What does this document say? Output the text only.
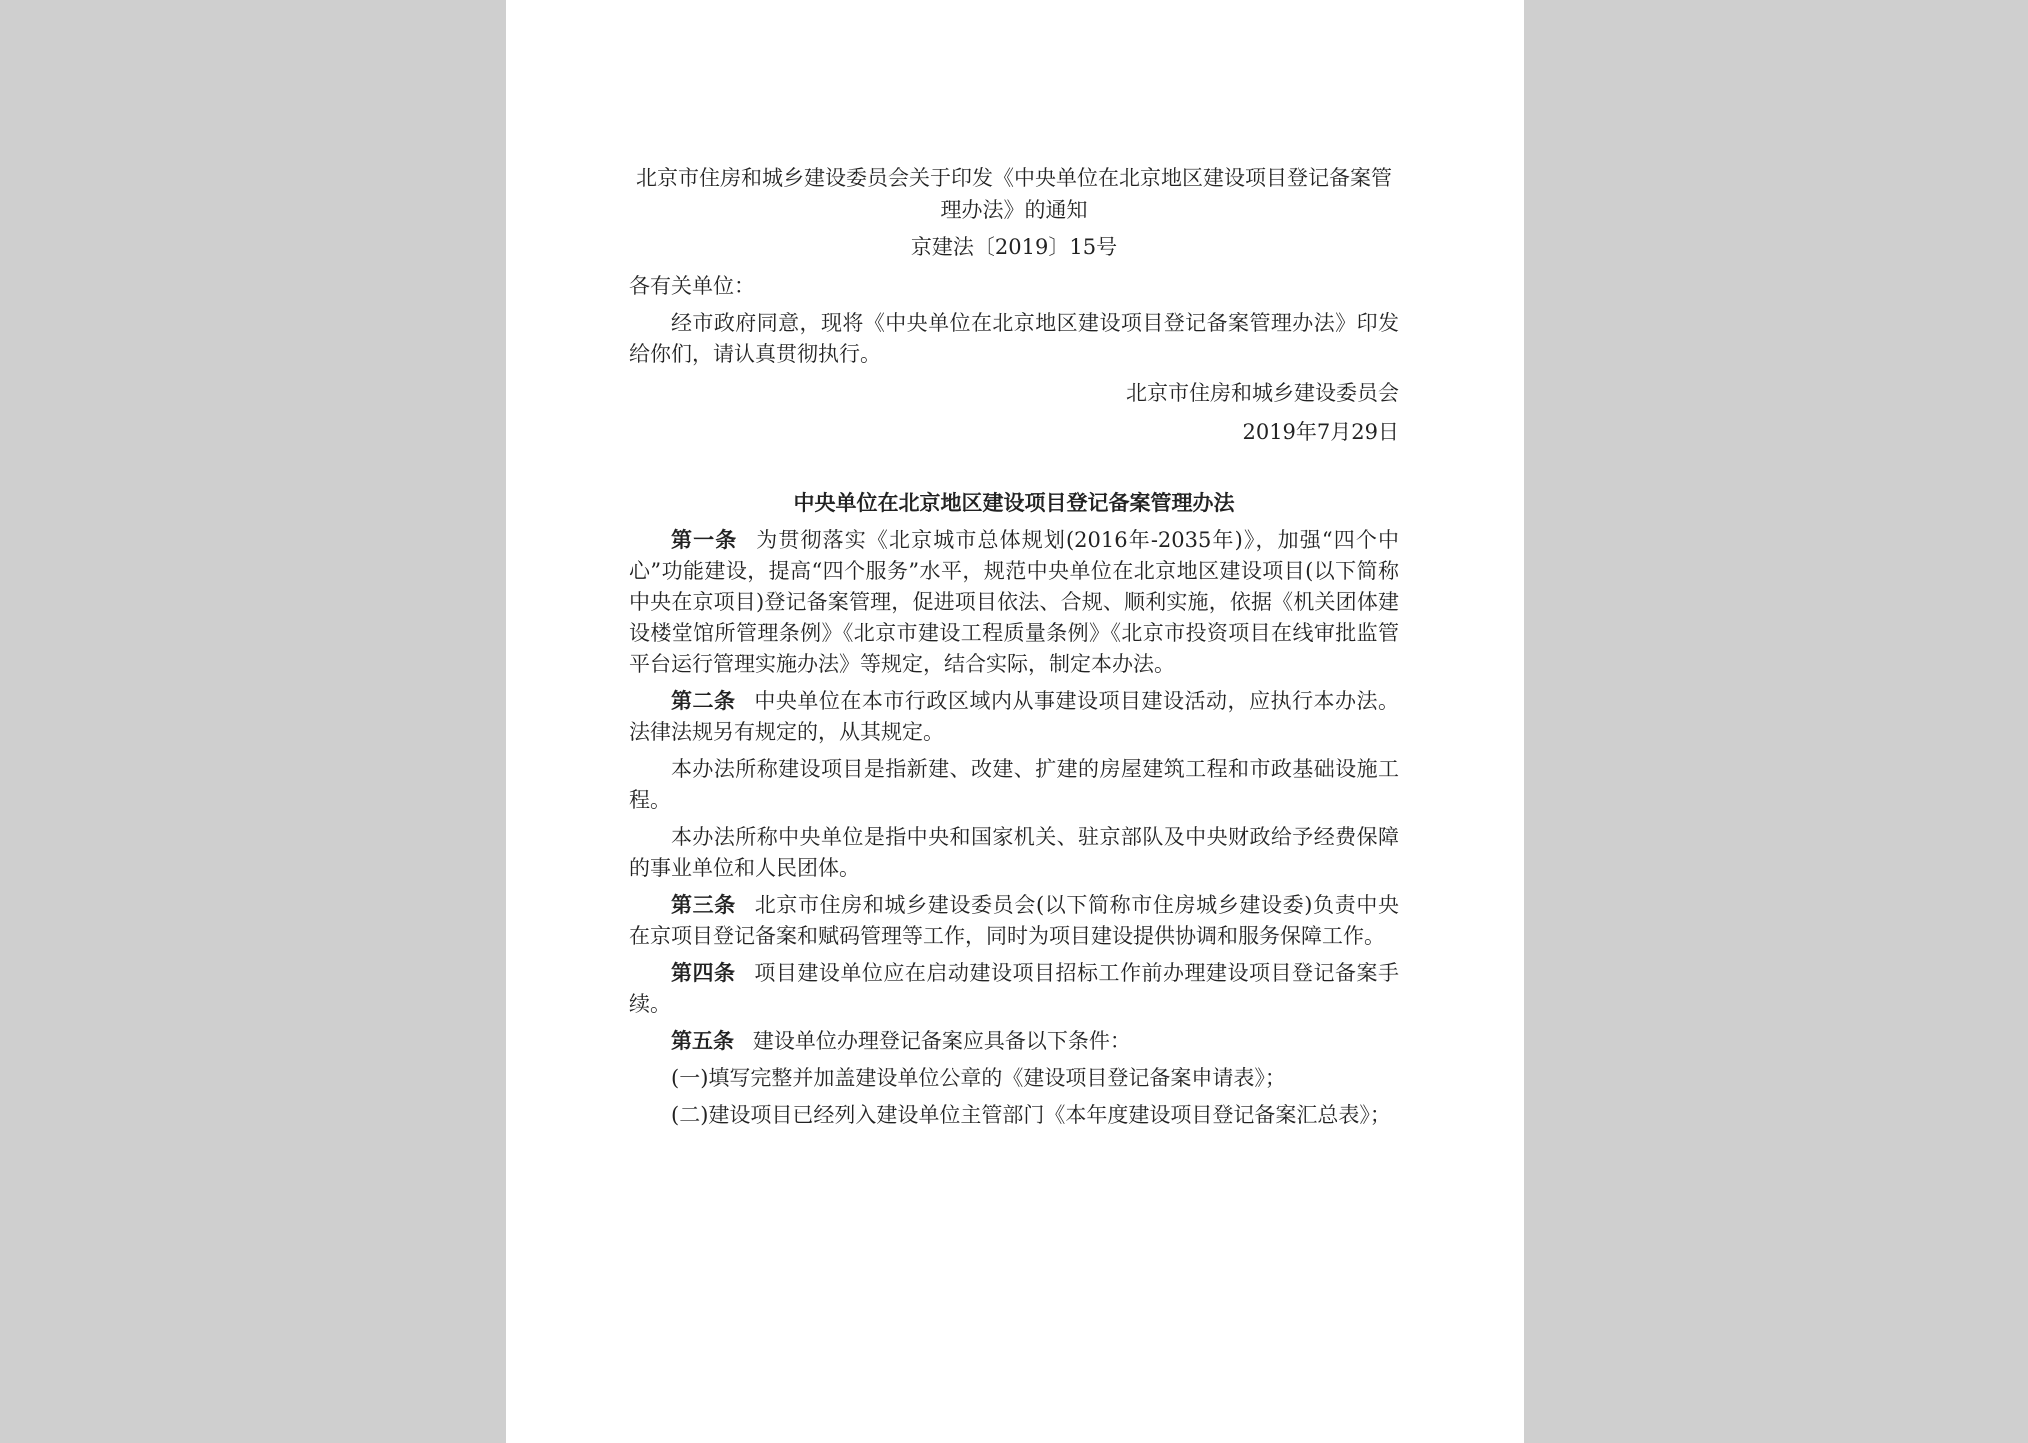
北京市住房和城乡建设委员会关于印发《中央单位在北京地区建设项目登记备案管理办法》的通知
京建法〔2019〕15号
各有关单位：
经市政府同意，现将《中央单位在北京地区建设项目登记备案管理办法》印发给你们，请认真贯彻执行。
北京市住房和城乡建设委员会
2019年7月29日
中央单位在北京地区建设项目登记备案管理办法
第一条 为贯彻落实《北京城市总体规划(2016年-2035年)》，加强“四个中心”功能建设，提高“四个服务”水平，规范中央单位在北京地区建设项目(以下简称中央在京项目)登记备案管理，促进项目依法、合规、顺利实施，依据《机关团体建设楼堂馆所管理条例》《北京市建设工程质量条例》《北京市投资项目在线审批监管平台运行管理实施办法》等规定，结合实际，制定本办法。
第二条 中央单位在本市行政区域内从事建设项目建设活动，应执行本办法。法律法规另有规定的，从其规定。
本办法所称建设项目是指新建、改建、扩建的房屋建筑工程和市政基础设施工程。
本办法所称中央单位是指中央和国家机关、驻京部队及中央财政给予经费保障的事业单位和人民团体。
第三条 北京市住房和城乡建设委员会(以下简称市住房城乡建设委)负责中央在京项目登记备案和赋码管理等工作，同时为项目建设提供协调和服务保障工作。
第四条 项目建设单位应在启动建设项目招标工作前办理建设项目登记备案手续。
第五条 建设单位办理登记备案应具备以下条件：
(一)填写完整并加盖建设单位公章的《建设项目登记备案申请表》；
(二)建设项目已经列入建设单位主管部门《本年度建设项目登记备案汇总表》；
